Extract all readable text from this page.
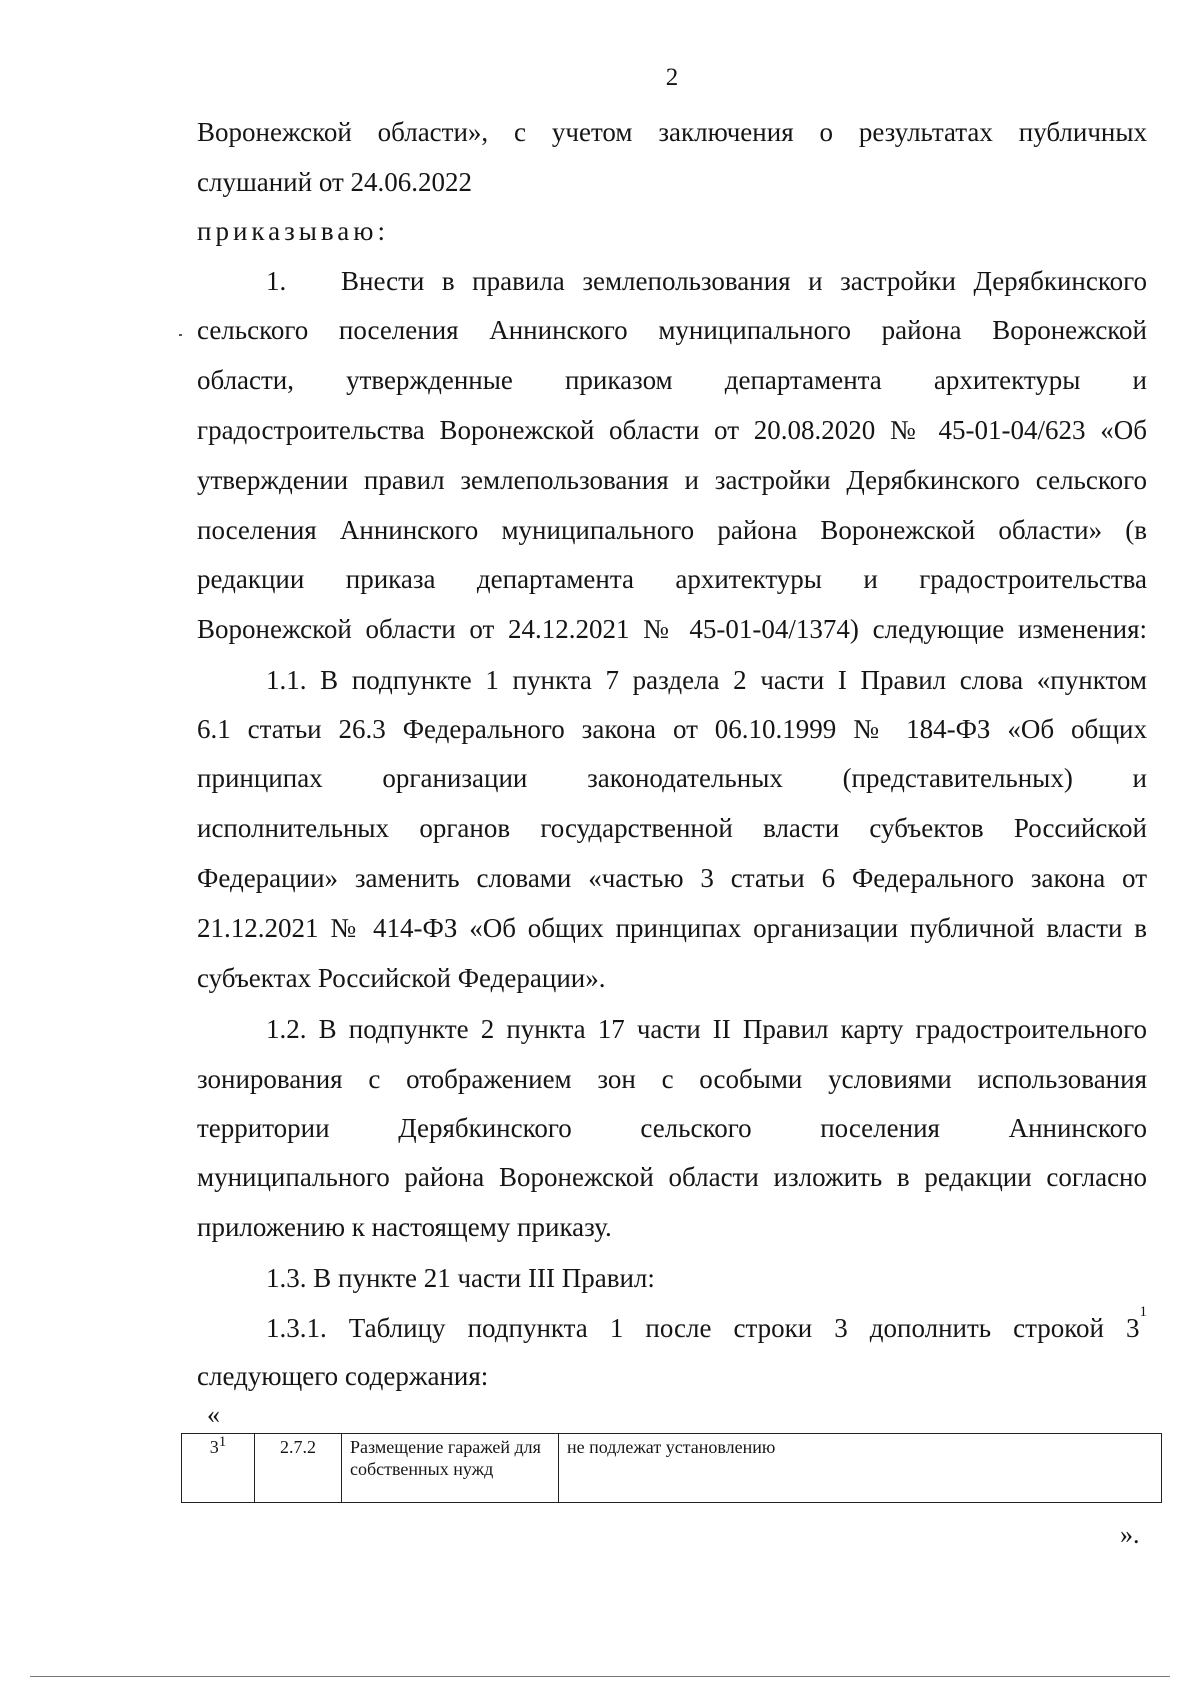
2
Воронежской области», с учетом заключения о результатах публичных
слушаний от 24.06.2022
приказываю:
1. Внести в правила землепользования и застройки Дерябкинского
сельского поселения Аннинского муниципального района Воронежской
области, утвержденные приказом департамента архитектуры и
градостроительства Воронежской области от 20.08.2020 № 45-01-04/623 «Об
утверждении правил землепользования и застройки Дерябкинского сельского
поселения Аннинского муниципального района Воронежской области» (в
редакции приказа департамента архитектуры и градостроительства
Воронежской области от 24.12.2021 № 45-01-04/1374) следующие изменения:
1.1. В подпункте 1 пункта 7 раздела 2 части I Правил слова «пунктом
6.1 статьи 26.3 Федерального закона от 06.10.1999 № 184-ФЗ «Об общих
принципах организации законодательных (представительных) и
исполнительных органов государственной власти субъектов Российской
Федерации» заменить словами «частью 3 статьи 6 Федерального закона от
21.12.2021 № 414-ФЗ «Об общих принципах организации публичной власти в
субъектах Российской Федерации».
1.2. В подпункте 2 пункта 17 части II Правил карту градостроительного
зонирования с отображением зон с особыми условиями использования
территории Дерябкинского сельского поселения Аннинского
муниципального района Воронежской области изложить в редакции согласно
приложению к настоящему приказу.
1.3. В пункте 21 части III Правил:
1.3.1. Таблицу подпункта 1 после строки 3 дополнить строкой 3
1
следующего содержания:
«
$3^1$	2.7.2	Размещение гаражей для собственных нужд	не подлежат установлению
».
